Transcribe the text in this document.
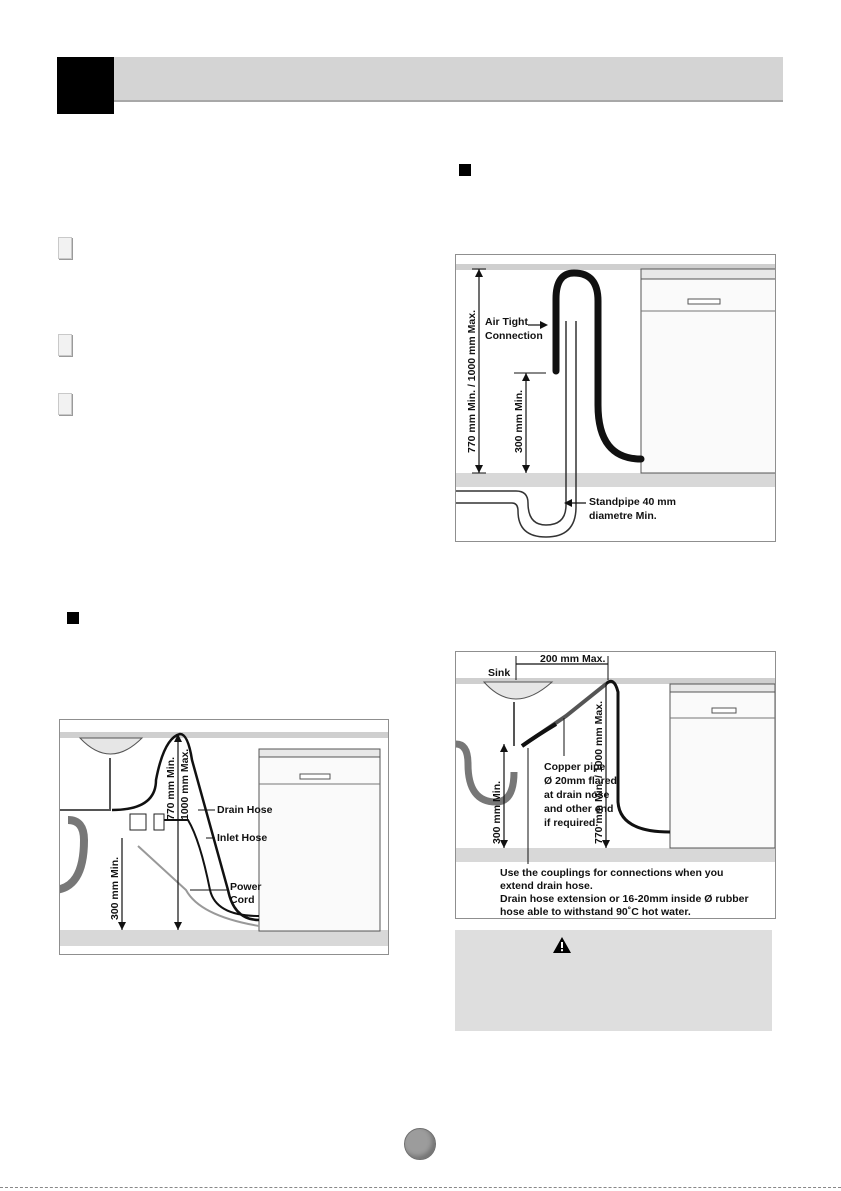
Air Tight
Connection
770 mm Min. / 1000 mm Max.	300 mm Min.
Standpipe 40 mm
diametre Min.
Drain Hose
Inlet Hose
Power
Cord
300 mm Min.
770 mm Min. 1000 mm Max.
Sink
200 mm Max.
300 mm Min.	770 mm Min. / 1000 mm Max.
Copper pipe
Ø 20mm flared
at drain nose
and other end
if required.
Use the couplings for connections when you
extend drain hose.
Drain hose extension or 16-20mm inside Ø rubber
hose able to withstand 90˚C hot water.
